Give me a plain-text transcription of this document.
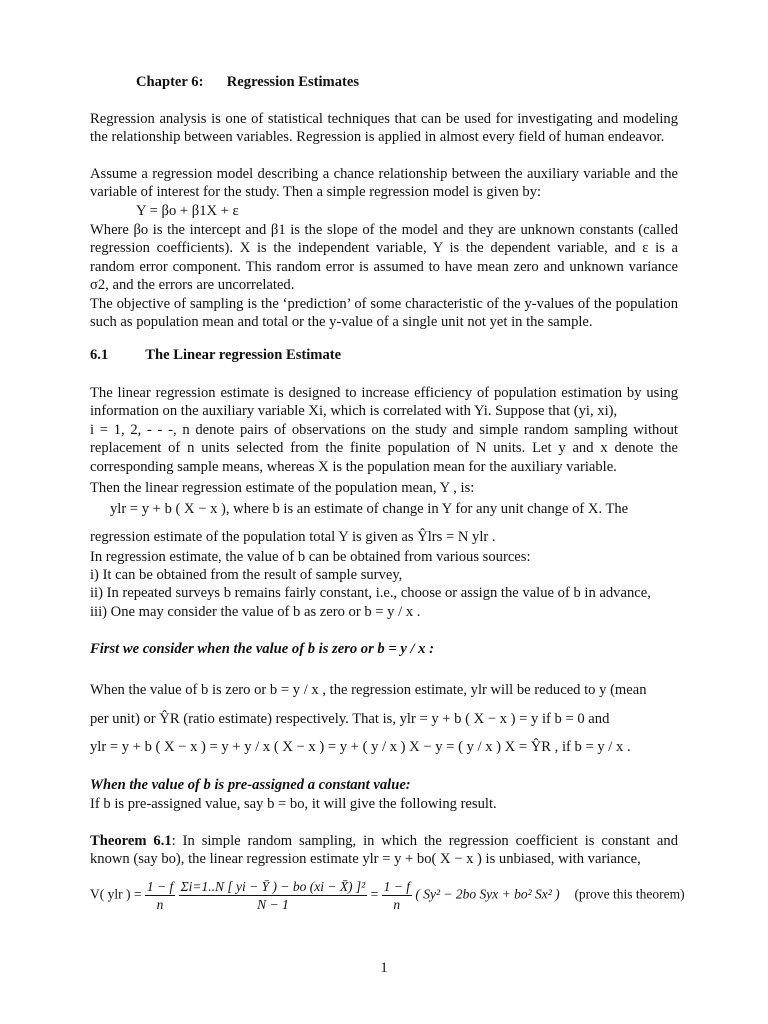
Chapter 6: Regression Estimates
Regression analysis is one of statistical techniques that can be used for investigating and modeling the relationship between variables. Regression is applied in almost every field of human endeavor.
Assume a regression model describing a chance relationship between the auxiliary variable and the variable of interest for the study. Then a simple regression model is given by:
Y = βo + β1X + ε
Where βo is the intercept and β1 is the slope of the model and they are unknown constants (called regression coefficients). X is the independent variable, Y is the dependent variable, and ε is a random error component. This random error is assumed to have mean zero and unknown variance σ2, and the errors are uncorrelated.
The objective of sampling is the ‘prediction’ of some characteristic of the y-values of the population such as population mean and total or the y-value of a single unit not yet in the sample.
6.1	The Linear regression Estimate
The linear regression estimate is designed to increase efficiency of population estimation by using information on the auxiliary variable Xi, which is correlated with Yi. Suppose that (yi, xi),
i = 1, 2, - - -, n denote pairs of observations on the study and simple random sampling without replacement of n units selected from the finite population of N units. Let y and x denote the corresponding sample means, whereas X is the population mean for the auxiliary variable.
Then the linear regression estimate of the population mean, Y , is:
ylr = y + b ( X − x ), where b is an estimate of change in Y for any unit change of X. The
regression estimate of the population total Y is given as Ŷlrs = N ylr .
In regression estimate, the value of b can be obtained from various sources:
i) It can be obtained from the result of sample survey,
ii) In repeated surveys b remains fairly constant, i.e., choose or assign the value of b in advance,
iii) One may consider the value of b as zero or b = y / x .
First we consider when the value of b is zero or b = y / x :
When the value of b is zero or b = y / x , the regression estimate, ylr will be reduced to y (mean
per unit) or ŶR (ratio estimate) respectively. That is, ylr = y + b ( X − x ) = y if b = 0 and
ylr = y + b ( X − x ) = y + y / x ( X − x ) = y + ( y / x ) X − y = ( y / x ) X = ŶR , if b = y / x .
When the value of b is pre-assigned a constant value:
If b is pre-assigned value, say b = bo, it will give the following result.
Theorem 6.1: In simple random sampling, in which the regression coefficient is constant and known (say bo), the linear regression estimate ylr = y + bo( X − x ) is unbiased, with variance,
V( ylr ) = $\frac{1 - f}{n}$
$\frac{\text{Σi=1..N [ yi − Ȳ ) − bo (xi − X̄) ]²}}{N - 1} = \frac{1 - f}{n}$ ( Sy² − 2bo Syx + bo² Sx² ) (prove this theorem)
1
